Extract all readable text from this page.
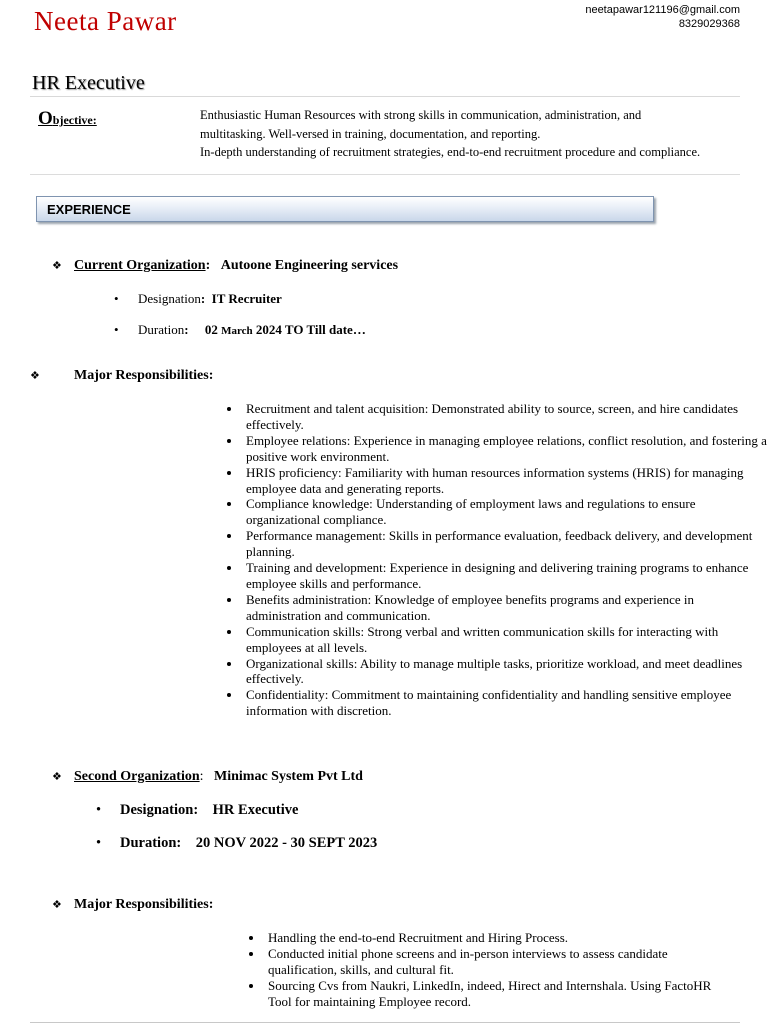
Neeta Pawar	neetapawar121196@gmail.com
8329029368
HR Executive
Objective:	Enthusiastic Human Resources with strong skills in communication, administration, and
multitasking. Well-versed in training, documentation, and reporting.
In-depth understanding of recruitment strategies, end-to-end recruitment procedure and compliance.
EXPERIENCE
❖ Current Organization: Autoone Engineering services
• Designation: IT Recruiter
• Duration: 02 March 2024 TO Till date…
❖ Major Responsibilities:
• Recruitment and talent acquisition: Demonstrated ability to source, screen, and hire candidates effectively.
• Employee relations: Experience in managing employee relations, conflict resolution, and fostering a positive work environment.
• HRIS proficiency: Familiarity with human resources information systems (HRIS) for managing employee data and generating reports.
• Compliance knowledge: Understanding of employment laws and regulations to ensure organizational compliance.
• Performance management: Skills in performance evaluation, feedback delivery, and development planning.
• Training and development: Experience in designing and delivering training programs to enhance employee skills and performance.
• Benefits administration: Knowledge of employee benefits programs and experience in administration and communication.
• Communication skills: Strong verbal and written communication skills for interacting with employees at all levels.
• Organizational skills: Ability to manage multiple tasks, prioritize workload, and meet deadlines effectively.
• Confidentiality: Commitment to maintaining confidentiality and handling sensitive employee information with discretion.
❖ Second Organization: Minimac System Pvt Ltd
• Designation: HR Executive
• Duration: 20 NOV 2022 - 30 SEPT 2023
❖ Major Responsibilities:
• Handling the end-to-end Recruitment and Hiring Process.
• Conducted initial phone screens and in-person interviews to assess candidate qualification, skills, and cultural fit.
• Sourcing Cvs from Naukri, LinkedIn, indeed, Hirect and Internshala. Using FactoHR Tool for maintaining Employee record.
